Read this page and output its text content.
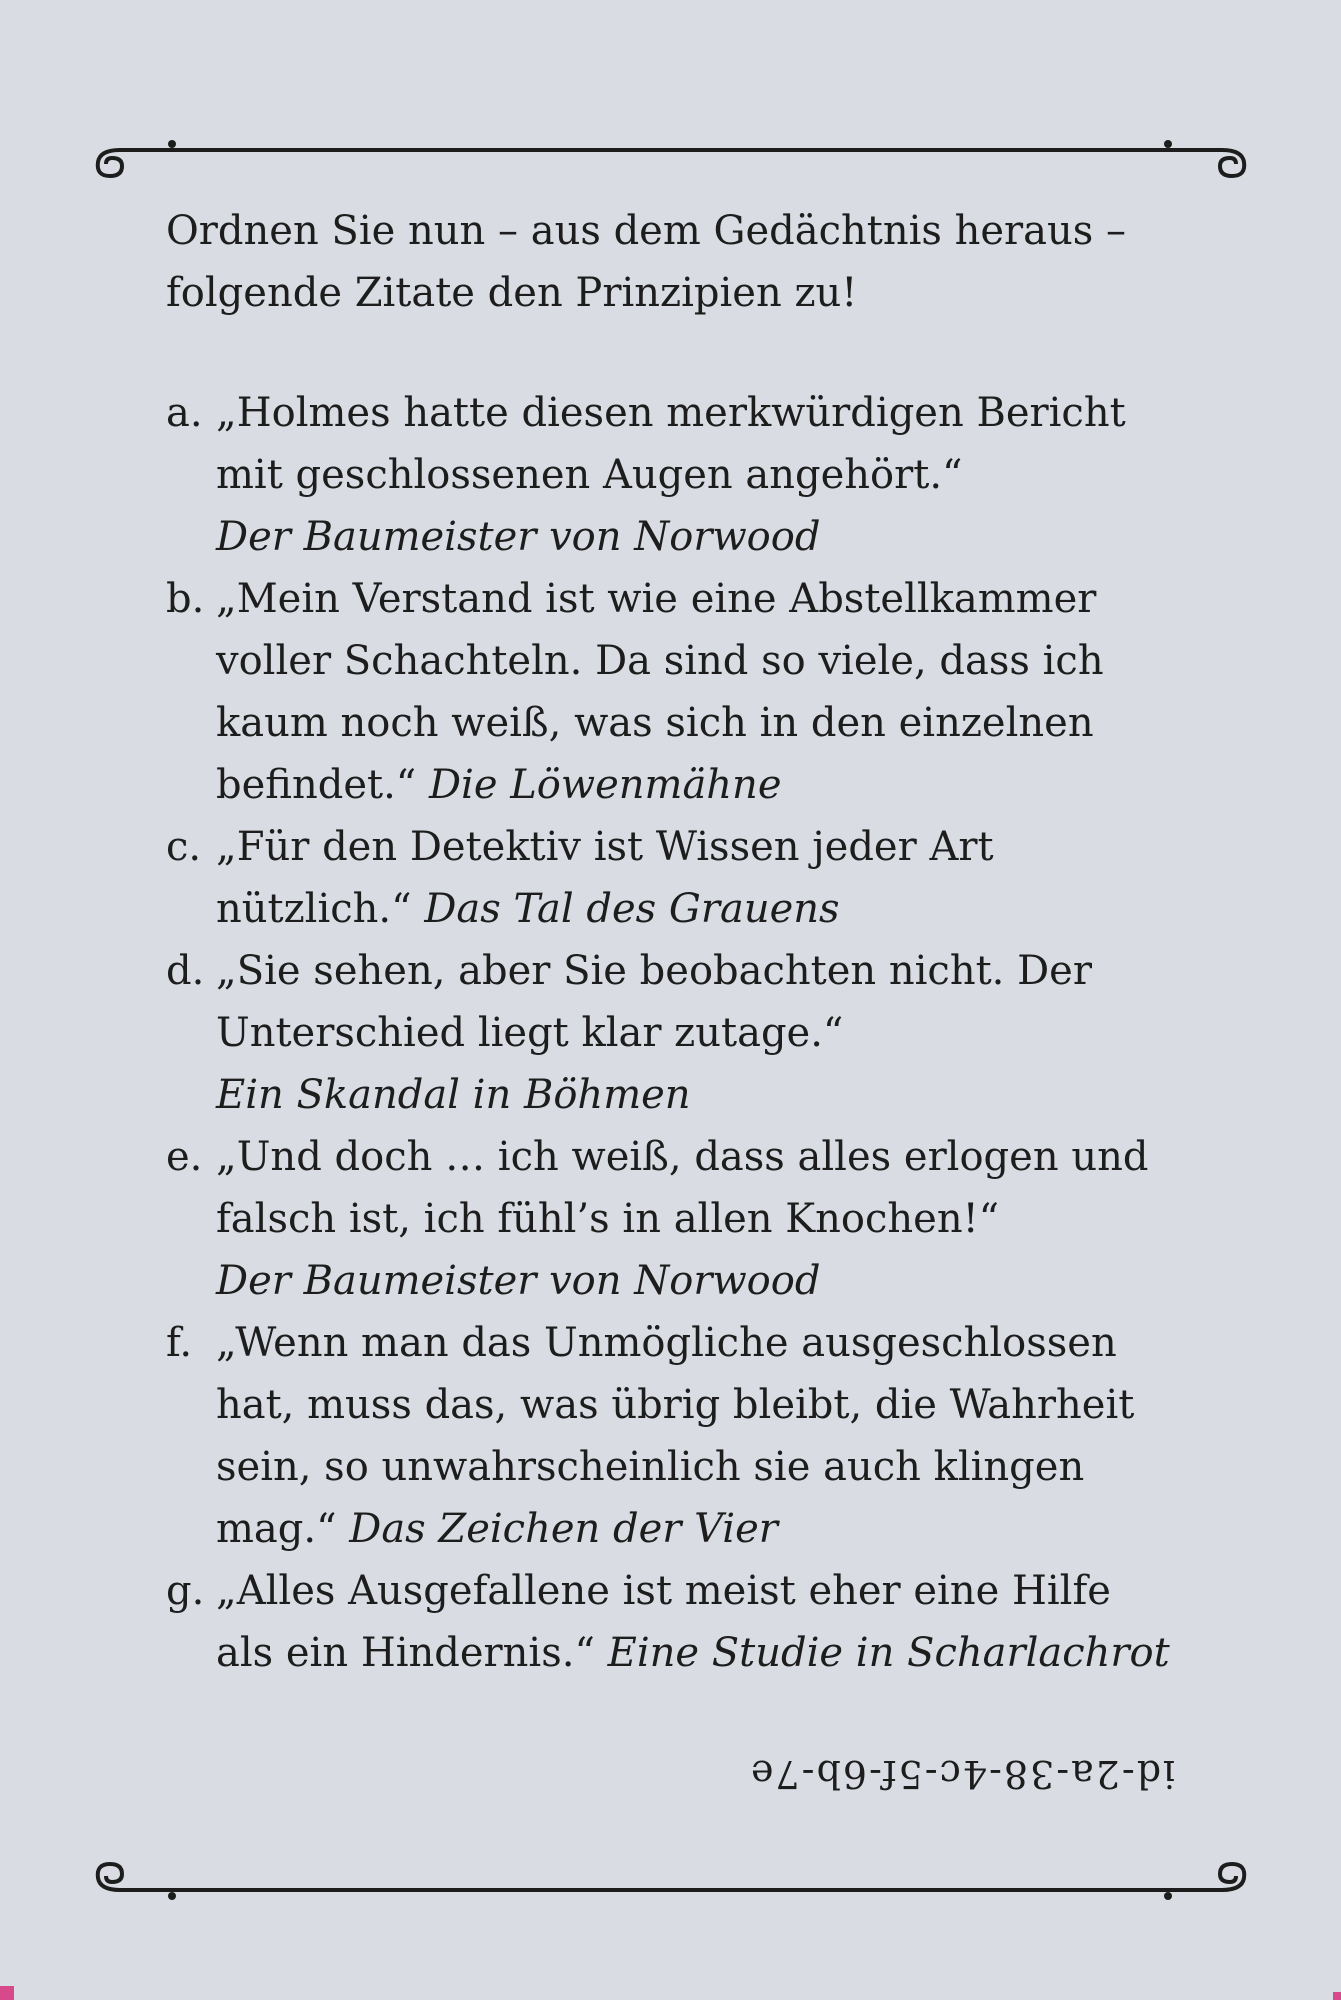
Ordnen Sie nun – aus dem Gedächtnis heraus –

folgende Zitate den Prinzipien zu!

a. „Holmes hatte diesen merkwürdigen Bericht mit geschlossenen Augen angehört.“
Der Baumeister von Norwood
b. „Mein Verstand ist wie eine Abstellkammer voller Schachteln. Da sind so viele, dass ich kaum noch weiß, was sich in den einzelnen befindet.“ Die Löwenmähne
c. „Für den Detektiv ist Wissen jeder Art nützlich.“ Das Tal des Grauens
d. „Sie sehen, aber Sie beobachten nicht. Der Unterschied liegt klar zutage.“
Ein Skandal in Böhmen
e. „Und doch … ich weiß, dass alles erlogen und falsch ist, ich fühl’s in allen Knochen!“
Der Baumeister von Norwood
f. „Wenn man das Unmögliche ausgeschlossen hat, muss das, was übrig bleibt, die Wahrheit sein, so unwahrscheinlich sie auch klingen mag.“ Das Zeichen der Vier
g. „Alles Ausgefallene ist meist eher eine Hilfe als ein Hindernis.“ Eine Studie in Scharlachrot
id-2a-38-4c-5f-6b-7e
